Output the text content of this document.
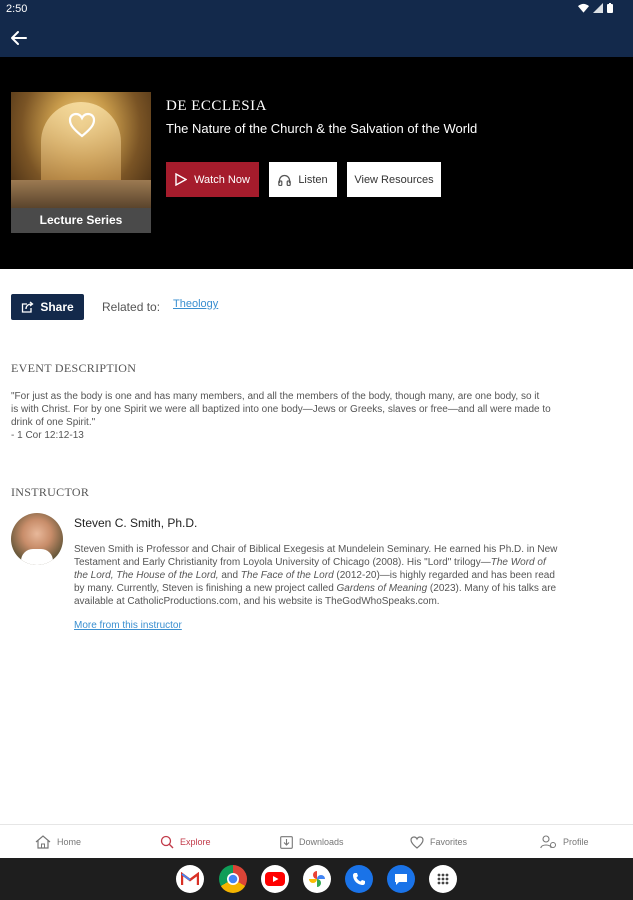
2:50
Lecture Series
DE ECCLESIA
The Nature of the Church & the Salvation of the World
Watch Now	Listen View Resources
Share Related to: Theology
EVENT DESCRIPTION
"For just as the body is one and has many members, and all the members of the body, though many, are one body, so it
is with Christ. For by one Spirit we were all baptized into one body—Jews or Greeks, slaves or free—and all were made to
drink of one Spirit."
- 1 Cor 12:12-13
INSTRUCTOR
Steven C. Smith, Ph.D.
Steven Smith is Professor and Chair of Biblical Exegesis at Mundelein Seminary. He earned his Ph.D. in New
Testament and Early Christianity from Loyola University of Chicago (2008). His "Lord" trilogy—The Word of
the Lord, The House of the Lord, and The Face of the Lord (2012-20)—is highly regarded and has been read
by many. Currently, Steven is finishing a new project called Gardens of Meaning (2023). Many of his talks are
available at CatholicProductions.com, and his website is TheGodWhoSpeaks.com.
More from this instructor
Home	Explore	Downloads	Favorites	Profile
